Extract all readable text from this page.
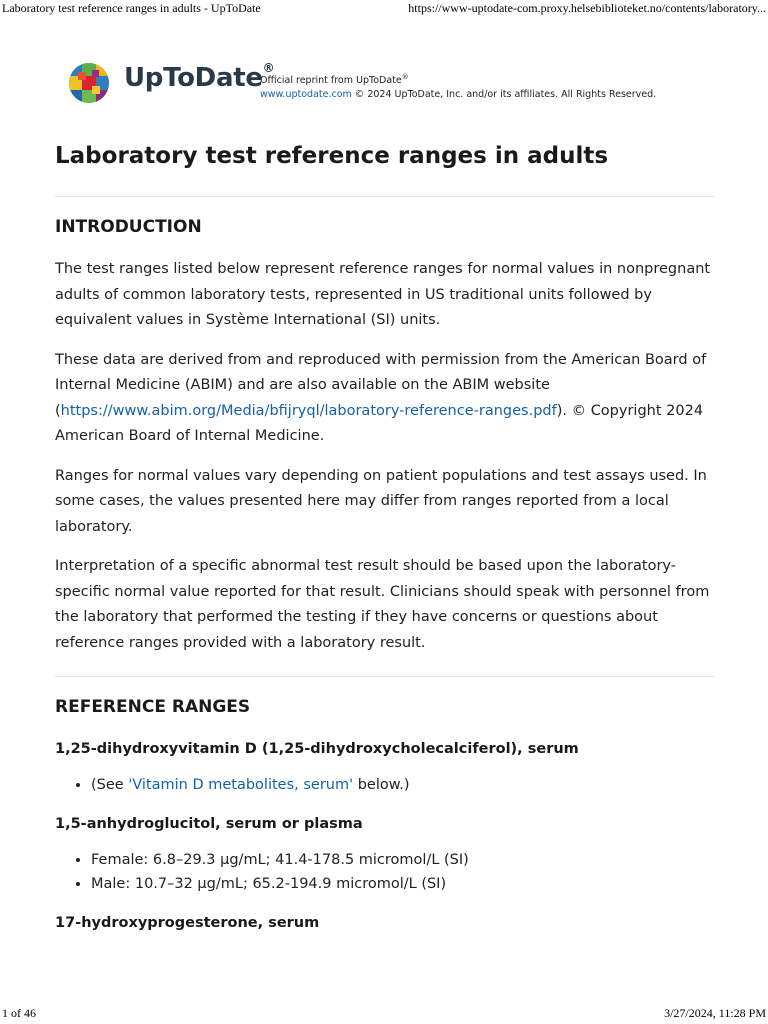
Laboratory test reference ranges in adults - UpToDate	https://www-uptodate-com.proxy.helsebiblioteket.no/contents/laboratory...
UpToDate®
Official reprint from UpToDate®
www.uptodate.com © 2024 UpToDate, Inc. and/or its affiliates. All Rights Reserved.
Laboratory test reference ranges in adults
INTRODUCTION

The test ranges listed below represent reference ranges for normal values in nonpregnant adults of common laboratory tests, represented in US traditional units followed by equivalent values in Système International (SI) units.

These data are derived from and reproduced with permission from the American Board of Internal Medicine (ABIM) and are also available on the ABIM website (https://www.abim.org/Media/bfijryql/laboratory-reference-ranges.pdf). © Copyright 2024 American Board of Internal Medicine.

Ranges for normal values vary depending on patient populations and test assays used. In some cases, the values presented here may differ from ranges reported from a local laboratory.

Interpretation of a specific abnormal test result should be based upon the laboratory-specific normal value reported for that result. Clinicians should speak with personnel from the laboratory that performed the testing if they have concerns or questions about reference ranges provided with a laboratory result.

REFERENCE RANGES
1,25-dihydroxyvitamin D (1,25-dihydroxycholecalciferol), serum
• (See 'Vitamin D metabolites, serum' below.)
1,5-anhydroglucitol, serum or plasma
• Female: 6.8–29.3 µg/mL; 41.4-178.5 micromol/L (SI)
• Male: 10.7–32 µg/mL; 65.2-194.9 micromol/L (SI)
17-hydroxyprogesterone, serum
1 of 46	3/27/2024, 11:28 PM
